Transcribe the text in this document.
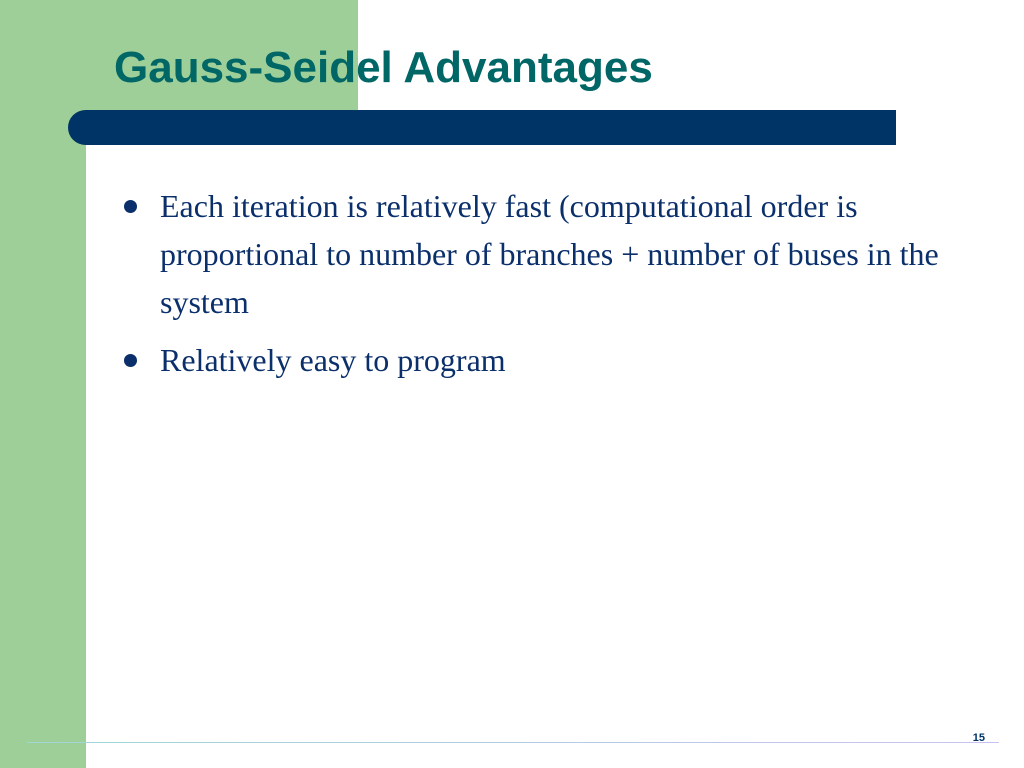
Gauss-Seidel Advantages
Each iteration is relatively fast (computational order is proportional to number of branches + number of buses in the system
Relatively easy to program
15
